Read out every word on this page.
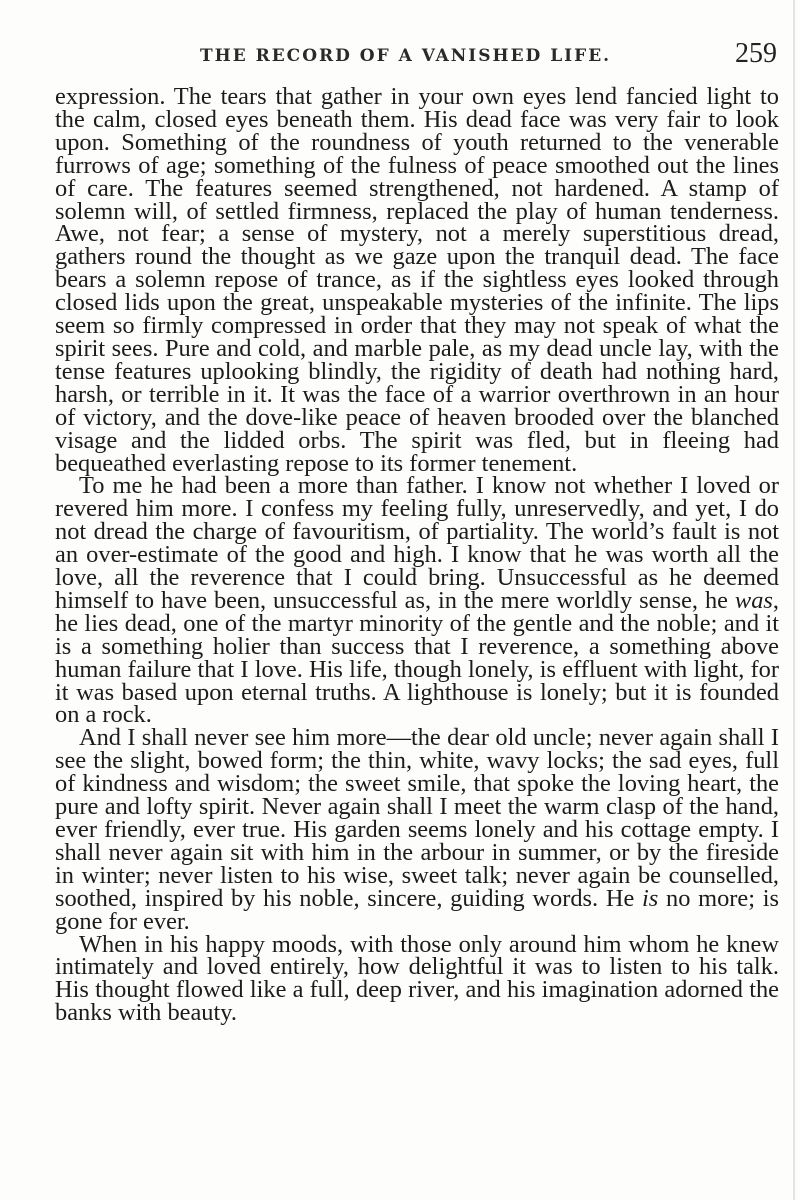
THE RECORD OF A VANISHED LIFE.	259

expression. The tears that gather in your own eyes lend fancied light to the calm, closed eyes beneath them. His dead face was very fair to look upon. Something of the roundness of youth returned to the venerable furrows of age; something of the fulness of peace smoothed out the lines of care. The features seemed strengthened, not hardened. A stamp of solemn will, of settled firmness, replaced the play of human tenderness. Awe, not fear; a sense of mystery, not a merely superstitious dread, gathers round the thought as we gaze upon the tranquil dead. The face bears a solemn repose of trance, as if the sightless eyes looked through closed lids upon the great, unspeakable mysteries of the infinite. The lips seem so firmly compressed in order that they may not speak of what the spirit sees. Pure and cold, and marble pale, as my dead uncle lay, with the tense features uplooking blindly, the rigidity of death had nothing hard, harsh, or terrible in it. It was the face of a warrior overthrown in an hour of victory, and the dove-like peace of heaven brooded over the blanched visage and the lidded orbs. The spirit was fled, but in fleeing had bequeathed everlasting repose to its former tenement.

To me he had been a more than father. I know not whether I loved or revered him more. I confess my feeling fully, unreservedly, and yet, I do not dread the charge of favouritism, of partiality. The world’s fault is not an over-estimate of the good and high. I know that he was worth all the love, all the reverence that I could bring. Unsuccessful as he deemed himself to have been, unsuccessful as, in the mere worldly sense, he was, he lies dead, one of the martyr minority of the gentle and the noble; and it is a something holier than success that I reverence, a something above human failure that I love. His life, though lonely, is effluent with light, for it was based upon eternal truths. A lighthouse is lonely; but it is founded on a rock.

And I shall never see him more—the dear old uncle; never again shall I see the slight, bowed form; the thin, white, wavy locks; the sad eyes, full of kindness and wisdom; the sweet smile, that spoke the loving heart, the pure and lofty spirit. Never again shall I meet the warm clasp of the hand, ever friendly, ever true. His garden seems lonely and his cottage empty. I shall never again sit with him in the arbour in summer, or by the fireside in winter; never listen to his wise, sweet talk; never again be counselled, soothed, inspired by his noble, sincere, guiding words. He is no more; is gone for ever.

When in his happy moods, with those only around him whom he knew intimately and loved entirely, how delightful it was to listen to his talk. His thought flowed like a full, deep river, and his imagination adorned the banks with beauty.
